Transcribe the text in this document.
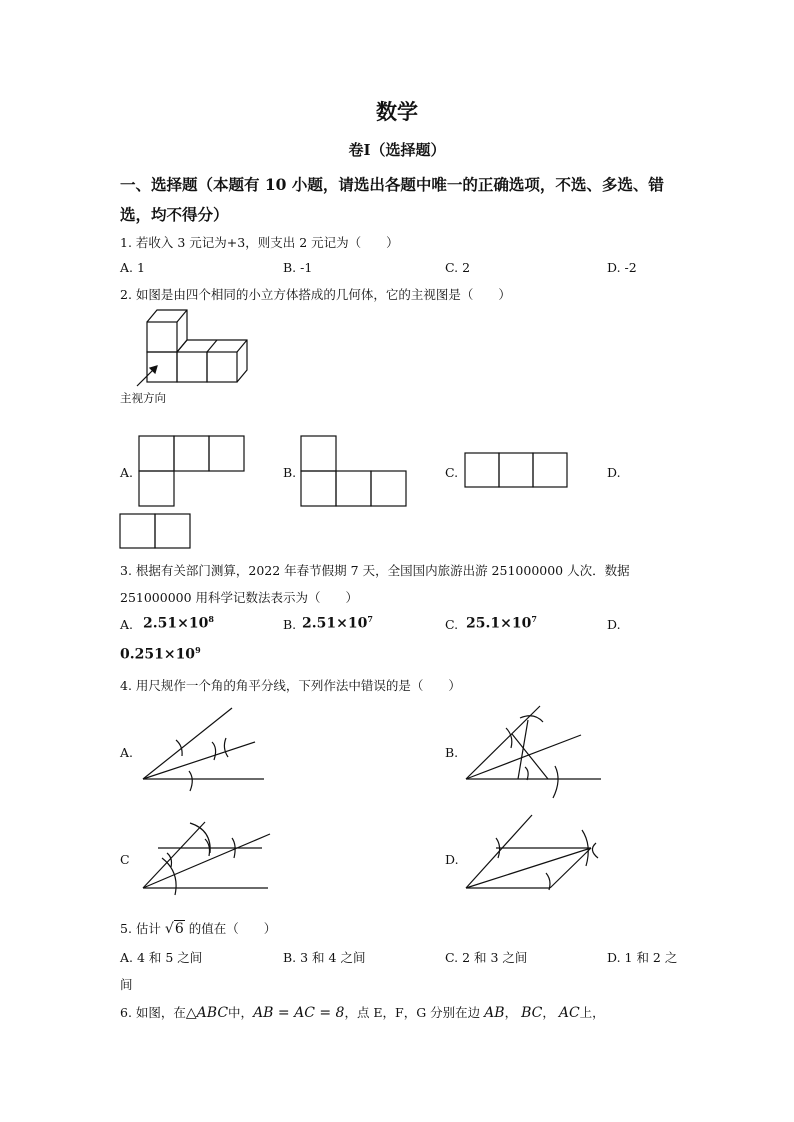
数学
卷Ⅰ（选择题）
一、选择题（本题有 10 小题，请选出各题中唯一的正确选项，不选、多选、错
选，均不得分）
1. 若收入 3 元记为+3，则支出 2 元记为（　　）
A. 1	B. -1	C. 2	D. -2
2. 如图是由四个相同的小立方体搭成的几何体，它的主视图是（　　）
主视方向
A.	B.	C.	D.
3. 根据有关部门测算，2022 年春节假期 7 天，全国国内旅游出游 251000000 人次．数据
251000000 用科学记数法表示为（　　）
A. $2.51\times 10^8$	B. $2.51\times 10^7$	C. $25.1\times 10^7$	D.
$0.251\times 10^9$
4. 用尺规作一个角的角平分线，下列作法中错误的是（　　）
A.	B.
C	D.
5. 估计 √6 的值在（　　）
A. 4 和 5 之间	B. 3 和 4 之间	C. 2 和 3 之间	D. 1 和 2 之
间
6. 如图，在△ABC中，AB = AC = 8，点 E，F，G 分别在边 AB， BC， AC上，
